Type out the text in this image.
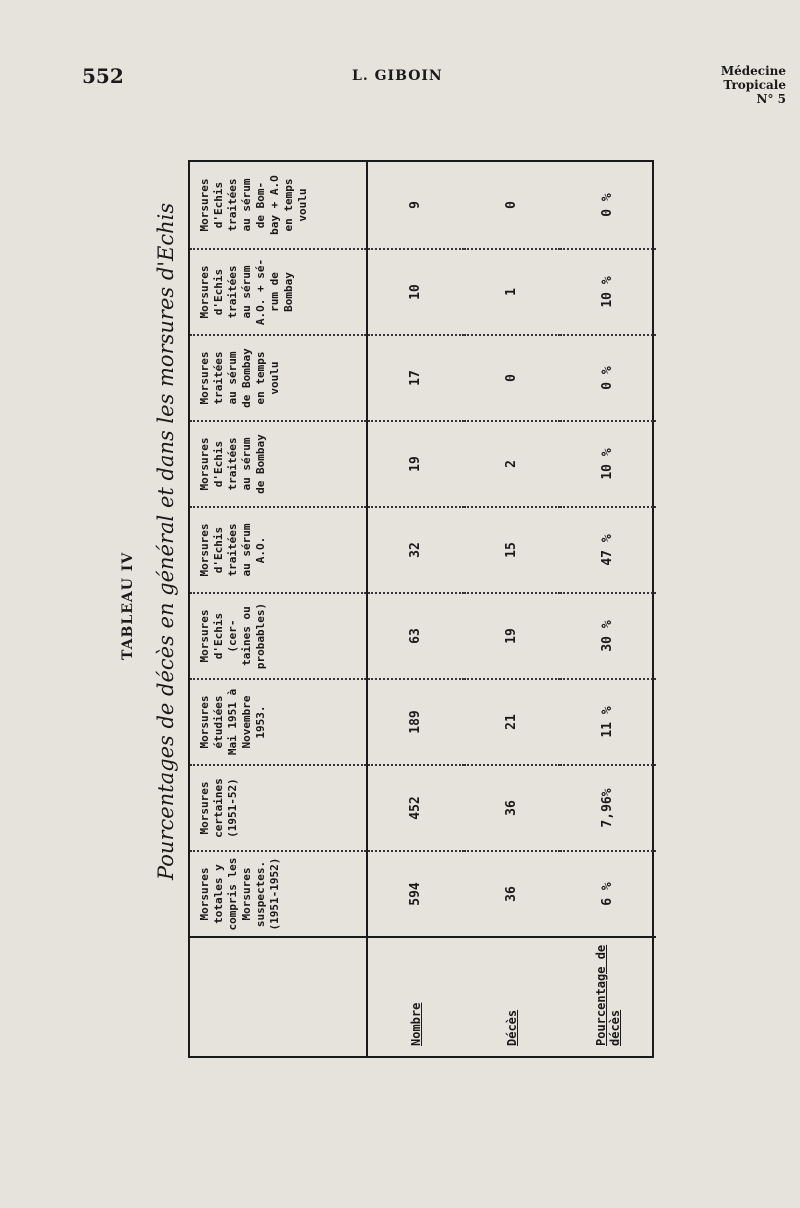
552	L. GIBOIN	Médecine
Tropicale
N° 5
TABLEAU IV Pourcentages de décès en général et dans les morsures d'Echis
Morsures
totales y
compris les
Morsures
suspectes.
(1951-1952)
Morsures
certaines
(1951-52)
Morsures
étudiées
Mai 1951 à
Novembre
1953.
Morsures
d'Echis (cer-
taines ou
probables)
Morsures
d'Echis
traitées
au sérum
A.O.
Morsures
d'Echis
traitées
au sérum
de Bombay
Morsures
traitées
au sérum
de Bombay
en temps
voulu
Morsures
d'Echis
traitées
au sérum
A.O. + sé-
rum de
Bombay
Morsures
d'Echis
traitées
au sérum
de Bom-
bay + A.O
en temps
voulu
Nombre
594
452
189
63
32
19
17
10
9
Décès
36
36
21
19
15
2
0
1
0
Pourcentage de décès
6 %
7,96%
11 %
30 %
47 %
10 %
0 %
10 %
0 %
